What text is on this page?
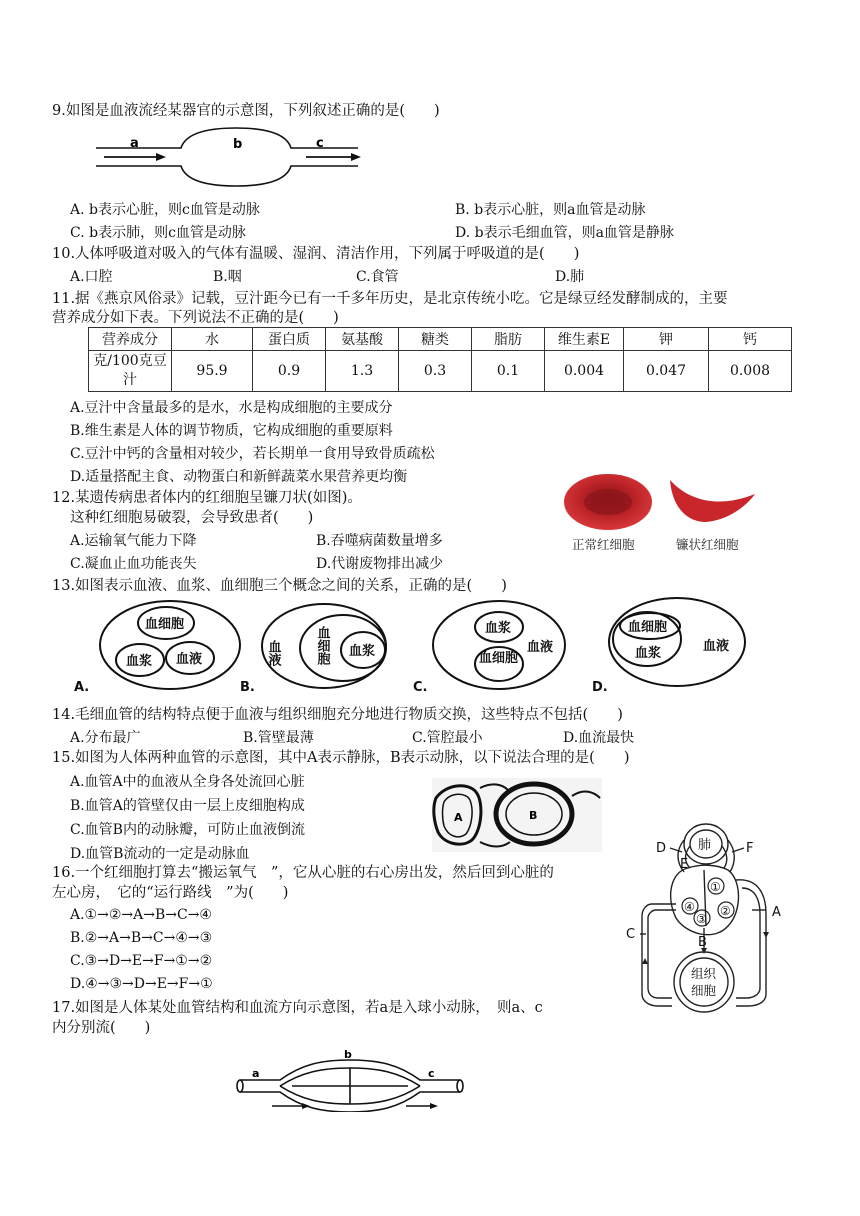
9.如图是血液流经某器官的示意图，下列叙述正确的是(　　)
a	b	c
A. b表示心脏，则c血管是动脉	B. b表示心脏，则a血管是动脉
C. b表示肺，则c血管是动脉	D. b表示毛细血管，则a血管是静脉
10.人体呼吸道对吸入的气体有温暖、湿润、清洁作用，下列属于呼吸道的是(　　)
A.口腔	B.咽	C.食管	D.肺
11.据《燕京风俗录》记载，豆汁距今已有一千多年历史，是北京传统小吃。它是绿豆经发酵制成的，主要
营养成分如下表。下列说法不正确的是(　　)
营养成分	水	蛋白质	氨基酸	糖类	脂肪	维生素E	钾	钙
克/100克豆
汁	95.9	0.9	1.3	0.3	0.1	0.004	0.047	0.008
A.豆汁中含量最多的是水，水是构成细胞的主要成分
B.维生素是人体的调节物质，它构成细胞的重要原料
C.豆汁中钙的含量相对较少，若长期单一食用导致骨质疏松
D.适量搭配主食、动物蛋白和新鲜蔬菜水果营养更均衡
12.某遗传病患者体内的红细胞呈镰刀状(如图)。
这种红细胞易破裂，会导致患者(　　)
A.运输氧气能力下降	B.吞噬病菌数量增多
C.凝血止血功能丧失	D.代谢废物排出减少
正常红细胞	镰状红细胞
13.如图表示血液、血浆、血细胞三个概念之间的关系，正确的是(　　)
A.
血细胞
血浆 血液
B.
血液	血细胞 血浆
C.
血液
血浆
血细胞
D.
血液
血细胞
血浆
14.毛细血管的结构特点便于血液与组织细胞充分地进行物质交换，这些特点不包括(　　)
A.分布最广	B.管壁最薄	C.管腔最小	D.血流最快
15.如图为人体两种血管的示意图，其中A表示静脉，B表示动脉，以下说法合理的是(　　)
A.血管A中的血液从全身各处流回心脏
B.血管A的管壁仅由一层上皮细胞构成
C.血管B内的动脉瓣，可防止血液倒流
D.血管B流动的一定是动脉血
A	B
16.一个红细胞打算去“搬运氧气　”，它从心脏的右心房出发，然后回到心脏的
左心房，　它的“运行路线　”为(　　)
A.①→②→A→B→C→④
B.②→A→B→C→④→③
C.③→D→E→F→①→②
D.④→③→D→E→F→①
肺
D
E
F
A
B
C
①
②
③
④
组织
细胞
17.如图是人体某处血管结构和血流方向示意图，若a是入球小动脉，　则a、c
内分别流(　　)
a
b
c
